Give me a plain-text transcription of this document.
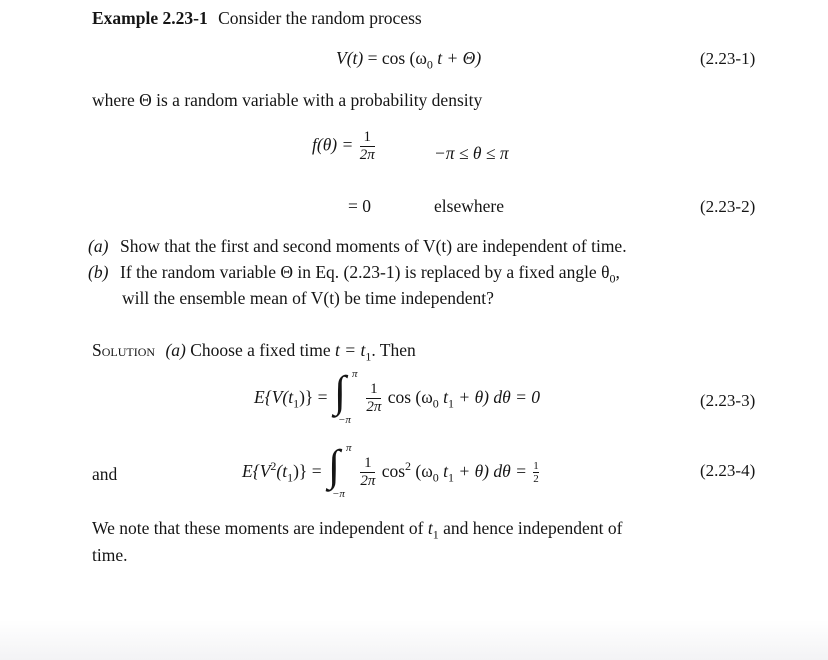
Example 2.23-1 Consider the random process
$V(t) = \cos (\omega_0$ t + Θ)	(2.23-1)
where Θ is a random variable with a probability density
$f(\theta) = \frac{1}{2\pi}$	−π ≤ θ ≤ π
= 0	elsewhere	(2.23-2)
(a) Show that the first and second moments of V(t) are independent of time.
(b) If the random variable Θ in Eq. (2.23-1) is replaced by a fixed angle $\theta_0$,
will the ensemble mean of V(t) be time independent?
Solution (a) Choose a fixed time $t = t_1$. Then
$E\{V(t_1)\}$ = ∫ π
−π

$\frac{1}{2\pi}$ $\cos (\omega_0$ $t_1 + \theta$) dθ = 0	(2.23-3)
and	$E\{V^2(t_1)\}$ = ∫ π
−π

$\frac{1}{2\pi} \cos^2 (\omega_0$ $t_1 + \theta$) $d\theta = \frac{1}{2}$	(2.23-4)
We note that these moments are independent of $t_1$ and hence independent of
time.
